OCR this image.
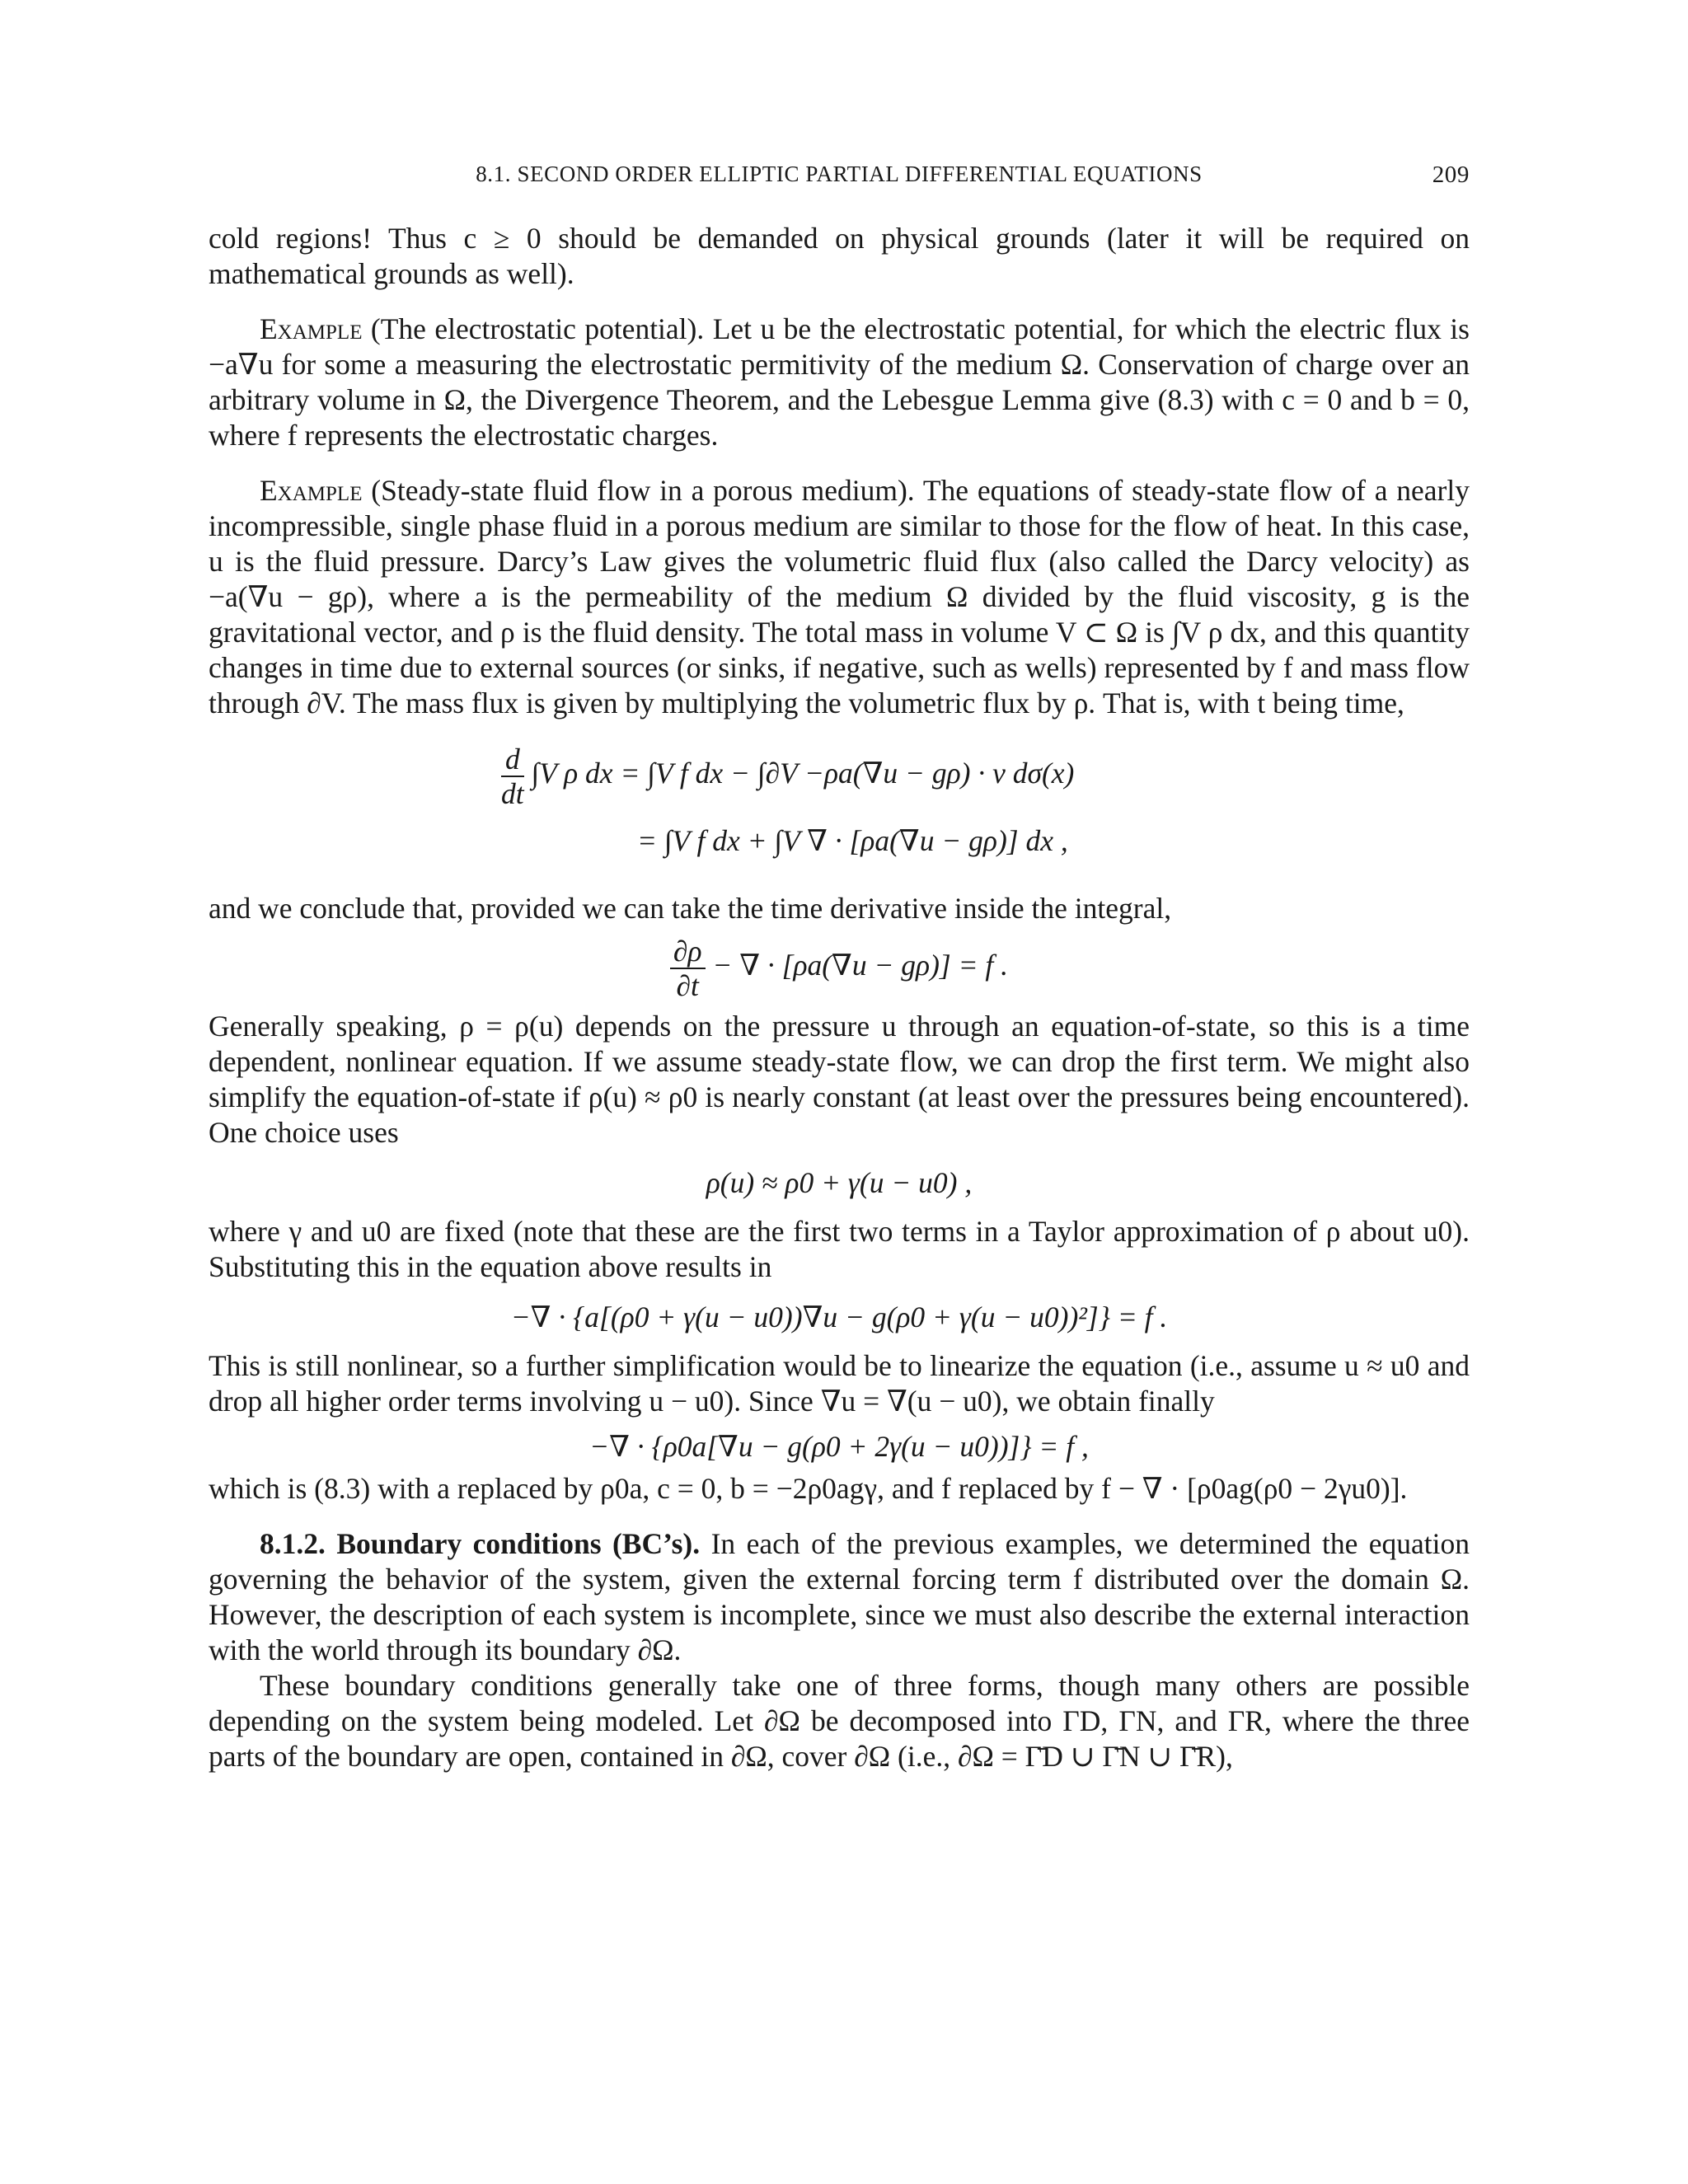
8.1. SECOND ORDER ELLIPTIC PARTIAL DIFFERENTIAL EQUATIONS	209

cold regions! Thus c ≥ 0 should be demanded on physical grounds (later it will be required on mathematical grounds as well).

Example (The electrostatic potential). Let u be the electrostatic potential, for which the electric flux is −a∇u for some a measuring the electrostatic permitivity of the medium Ω. Conservation of charge over an arbitrary volume in Ω, the Divergence Theorem, and the Lebesgue Lemma give (8.3) with c = 0 and b = 0, where f represents the electrostatic charges.

Example (Steady-state fluid flow in a porous medium). The equations of steady-state flow of a nearly incompressible, single phase fluid in a porous medium are similar to those for the flow of heat. In this case, u is the fluid pressure. Darcy’s Law gives the volumetric fluid flux (also called the Darcy velocity) as −a(∇u − gρ), where a is the permeability of the medium Ω divided by the fluid viscosity, g is the gravitational vector, and ρ is the fluid density. The total mass in volume V ⊂ Ω is ∫V ρ dx, and this quantity changes in time due to external sources (or sinks, if negative, such as wells) represented by f and mass flow through ∂V. The mass flux is given by multiplying the volumetric flux by ρ. That is, with t being time,

$\frac{d}{dt} \int V$ ρ dx = ∫V f dx − ∫∂V −ρa(∇u − gρ) · ν dσ(x)
= ∫V f dx + ∫V ∇ · [ρa(∇u − gρ)] dx ,

and we conclude that, provided we can take the time derivative inside the integral,

$\frac{\partial\rho}{\partial t}$ − ∇ · [ρa(∇u − gρ)] = f .

Generally speaking, ρ = ρ(u) depends on the pressure u through an equation-of-state, so this is a time dependent, nonlinear equation. If we assume steady-state flow, we can drop the first term. We might also simplify the equation-of-state if ρ(u) ≈ ρ0 is nearly constant (at least over the pressures being encountered). One choice uses

ρ(u) ≈ ρ0 + γ(u − u0) ,

where γ and u0 are fixed (note that these are the first two terms in a Taylor approximation of ρ about u0). Substituting this in the equation above results in

−∇ · {a[(ρ0 + γ(u − u0))∇u − g(ρ0 + γ(u − u0))²]} = f .

This is still nonlinear, so a further simplification would be to linearize the equation (i.e., assume u ≈ u0 and drop all higher order terms involving u − u0). Since ∇u = ∇(u − u0), we obtain finally

−∇ · {ρ0a[∇u − g(ρ0 + 2γ(u − u0))]} = f ,

which is (8.3) with a replaced by ρ0a, c = 0, b = −2ρ0agγ, and f replaced by f − ∇ · [ρ0ag(ρ0 − 2γu0)].

8.1.2. Boundary conditions (BC’s). In each of the previous examples, we determined the equation governing the behavior of the system, given the external forcing term f distributed over the domain Ω. However, the description of each system is incomplete, since we must also describe the external interaction with the world through its boundary ∂Ω.

These boundary conditions generally take one of three forms, though many others are possible depending on the system being modeled. Let ∂Ω be decomposed into ΓD, ΓN, and ΓR, where the three parts of the boundary are open, contained in ∂Ω, cover ∂Ω (i.e., ∂Ω = Γ̄D ∪ Γ̄N ∪ Γ̄R),
